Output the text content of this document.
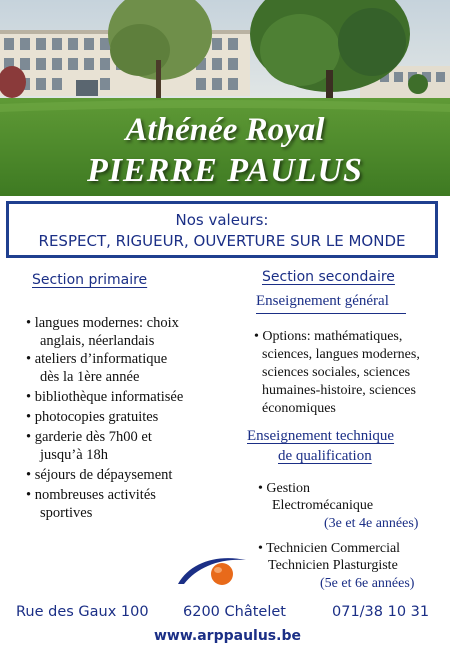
Athénée Royal
PIERRE PAULUS
Nos valeurs:
RESPECT, RIGUEUR, OUVERTURE SUR LE MONDE
Section primaire
• langues modernes: choix
anglais, néerlandais
• ateliers d’informatique
dès la 1ère année
• bibliothèque informatisée
• photocopies gratuites
• garderie dès 7h00 et
jusqu’à 18h
• séjours de dépaysement
• nombreuses activités
sportives
Section secondaire
Enseignement général
• Options: mathématiques,
sciences, langues modernes,
sciences sociales, sciences
humaines-histoire, sciences
économiques
Enseignement technique
de qualification
• Gestion
Electromécanique
(3e et 4e années)
• Technicien Commercial
Technicien Plasturgiste
(5e et 6e années)
Rue des Gaux 100 6200 Châtelet	071/38 10 31
www.arppaulus.be
